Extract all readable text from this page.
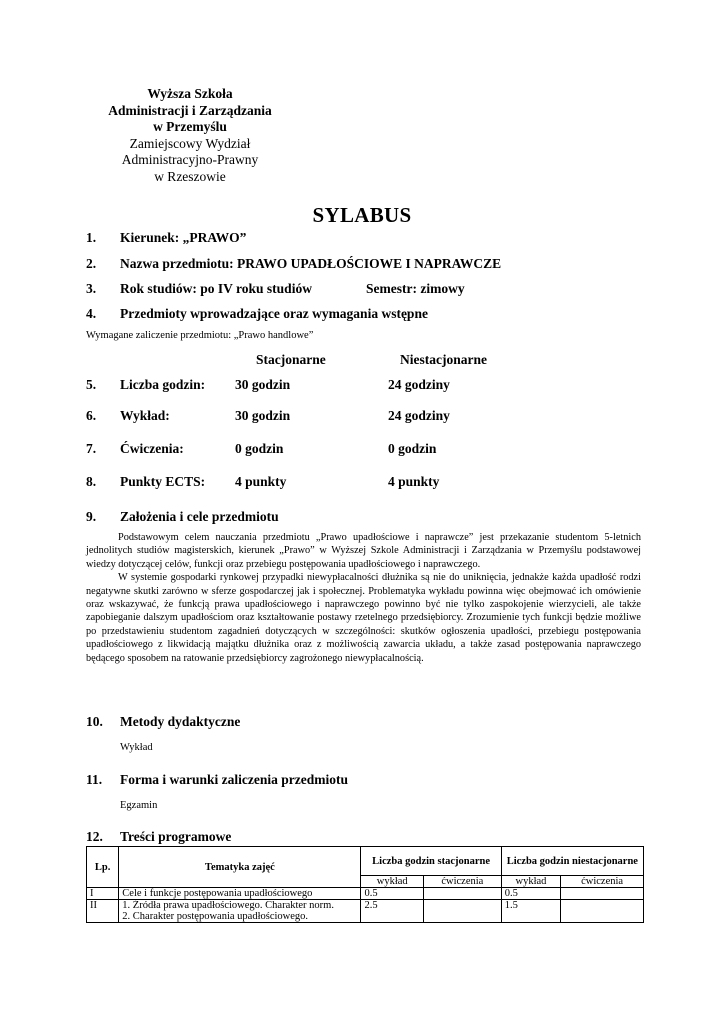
Wyższa Szkoła
Administracji i Zarządzania
w Przemyślu
Zamiejscowy Wydział
Administracyjno-Prawny
w Rzeszowie
SYLABUS
1. Kierunek: „PRAWO”
2. Nazwa przedmiotu: PRAWO UPADŁOŚCIOWE I NAPRAWCZE
3. Rok studiów: po IV roku studiów	Semestr: zimowy
4. Przedmioty wprowadzające oraz wymagania wstępne
Wymagane zaliczenie przedmiotu: „Prawo handlowe”
Stacjonarne	Niestacjonarne
5. Liczba godzin: 30 godzin	24 godziny
6. Wykład:	30 godzin	24 godziny
7. Ćwiczenia:	0 godzin	0 godzin
8. Punkty ECTS: 4 punkty	4 punkty
9. Założenia i cele przedmiotu

Podstawowym celem nauczania przedmiotu „Prawo upadłościowe i naprawcze” jest przekazanie studentom 5-letnich jednolitych studiów magisterskich, kierunek „Prawo” w Wyższej Szkole Administracji i Zarządzania w Przemyślu podstawowej wiedzy dotyczącej celów, funkcji oraz przebiegu postępowania upadłościowego i naprawczego.

W systemie gospodarki rynkowej przypadki niewypłacalności dłużnika są nie do uniknięcia, jednakże każda upadłość rodzi negatywne skutki zarówno w sferze gospodarczej jak i społecznej. Problematyka wykładu powinna więc obejmować ich omówienie oraz wskazywać, że funkcją prawa upadłościowego i naprawczego powinno być nie tylko zaspokojenie wierzycieli, ale także zapobieganie dalszym upadłościom oraz kształtowanie postawy rzetelnego przedsiębiorcy. Zrozumienie tych funkcji będzie możliwe po przedstawieniu studentom zagadnień dotyczących w szczególności: skutków ogłoszenia upadłości, przebiegu postępowania upadłościowego z likwidacją majątku dłużnika oraz z możliwością zawarcia układu, a także zasad postępowania naprawczego będącego sposobem na ratowanie przedsiębiorcy zagrożonego niewypłacalnością.

10. Metody dydaktyczne
Wykład
11. Forma i warunki zaliczenia przedmiotu
Egzamin
12. Treści programowe
Lp.	Tematyka zajęć	Liczba godzin stacjonarne		Liczba godzin niestacjonarne	
		wykład	ćwiczenia	wykład	ćwiczenia
I	Cele i funkcje postępowania upadłościowego	0.5		0.5	
II	1. Źródła prawa upadłościowego. Charakter norm.
2. Charakter postępowania upadłościowego.	2.5		1.5	
